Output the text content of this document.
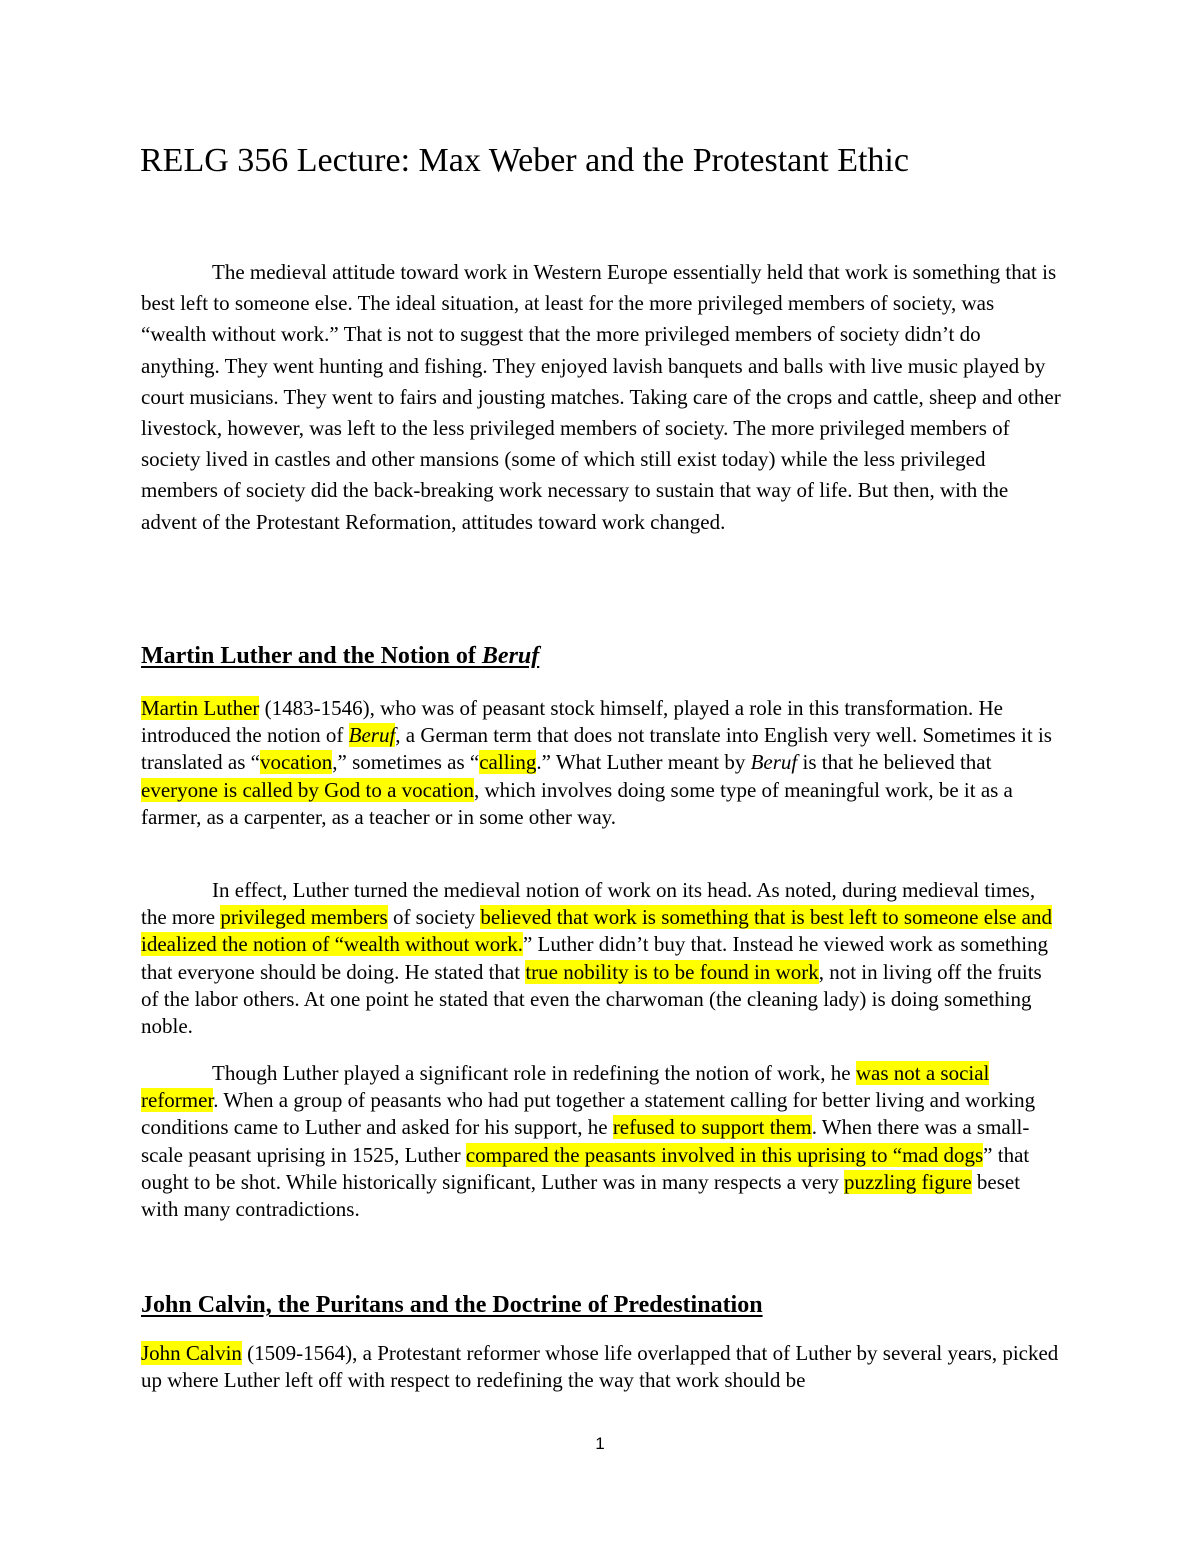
RELG 356 Lecture: Max Weber and the Protestant Ethic

The medieval attitude toward work in Western Europe essentially held that work is something that is best left to someone else. The ideal situation, at least for the more privileged members of society, was “wealth without work.” That is not to suggest that the more privileged members of society didn’t do anything. They went hunting and fishing. They enjoyed lavish banquets and balls with live music played by court musicians. They went to fairs and jousting matches. Taking care of the crops and cattle, sheep and other livestock, however, was left to the less privileged members of society. The more privileged members of society lived in castles and other mansions (some of which still exist today) while the less privileged members of society did the back-breaking work necessary to sustain that way of life. But then, with the advent of the Protestant Reformation, attitudes toward work changed.

Martin Luther and the Notion of Beruf

Martin Luther (1483-1546), who was of peasant stock himself, played a role in this transformation. He introduced the notion of Beruf, a German term that does not translate into English very well. Sometimes it is translated as “vocation,” sometimes as “calling.” What Luther meant by Beruf is that he believed that everyone is called by God to a vocation, which involves doing some type of meaningful work, be it as a farmer, as a carpenter, as a teacher or in some other way.

In effect, Luther turned the medieval notion of work on its head. As noted, during medieval times, the more privileged members of society believed that work is something that is best left to someone else and idealized the notion of “wealth without work.” Luther didn’t buy that. Instead he viewed work as something that everyone should be doing. He stated that true nobility is to be found in work, not in living off the fruits of the labor others. At one point he stated that even the charwoman (the cleaning lady) is doing something noble.

Though Luther played a significant role in redefining the notion of work, he was not a social reformer. When a group of peasants who had put together a statement calling for better living and working conditions came to Luther and asked for his support, he refused to support them. When there was a small-scale peasant uprising in 1525, Luther compared the peasants involved in this uprising to “mad dogs” that ought to be shot. While historically significant, Luther was in many respects a very puzzling figure beset with many contradictions.

John Calvin, the Puritans and the Doctrine of Predestination

John Calvin (1509-1564), a Protestant reformer whose life overlapped that of Luther by several years, picked up where Luther left off with respect to redefining the way that work should be

1
